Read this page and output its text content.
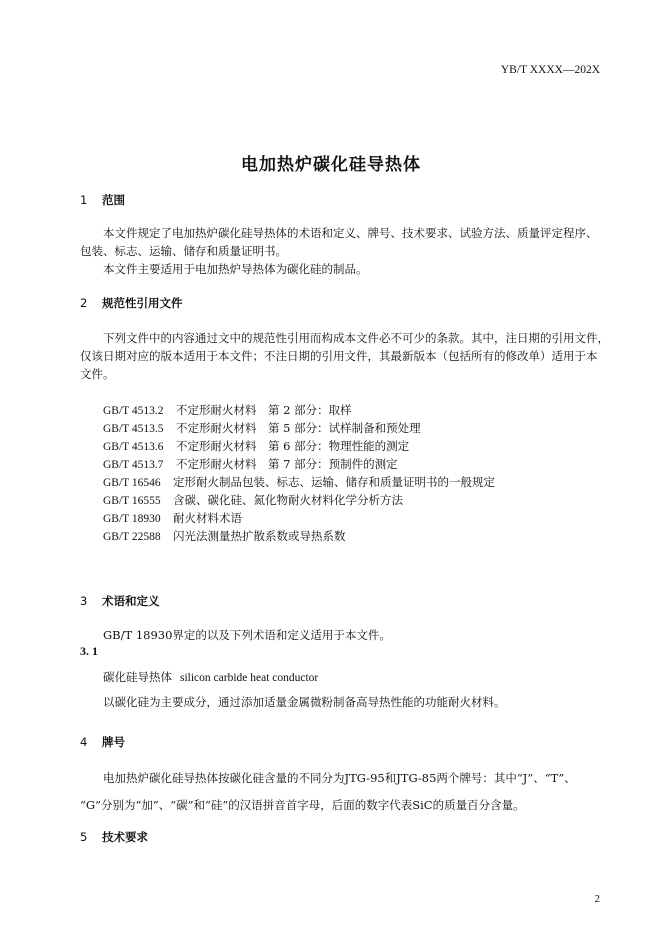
YB/T XXXX—202X
电加热炉碳化硅导热体
1 范围
本文件规定了电加热炉碳化硅导热体的术语和定义、牌号、技术要求、试验方法、质量评定程序、
包装、标志、运输、储存和质量证明书。
本文件主要适用于电加热炉导热体为碳化硅的制品。
2 规范性引用文件
下列文件中的内容通过文中的规范性引用而构成本文件必不可少的条款。其中，注日期的引用文件，
仅该日期对应的版本适用于本文件；不注日期的引用文件，其最新版本（包括所有的修改单）适用于本
文件。
GB/T 4513.2 不定形耐火材料　第 2 部分：取样
GB/T 4513.5 不定形耐火材料　第 5 部分：试样制备和预处理
GB/T 4513.6 不定形耐火材料　第 6 部分：物理性能的测定
GB/T 4513.7 不定形耐火材料　第 7 部分：预制件的测定
GB/T 16546 定形耐火制品包装、标志、运输、储存和质量证明书的一般规定
GB/T 16555 含碳、碳化硅、氮化物耐火材料化学分析方法
GB/T 18930 耐火材料术语
GB/T 22588 闪光法测量热扩散系数或导热系数
3 术语和定义
GB/T 18930界定的以及下列术语和定义适用于本文件。
3. 1
碳化硅导热体 silicon carbide heat conductor
以碳化硅为主要成分，通过添加适量金属微粉制备高导热性能的功能耐火材料。
4 牌号
电加热炉碳化硅导热体按碳化硅含量的不同分为JTG-95和JTG-85两个牌号：其中“J”、“T”、
“G”分别为“加”、“碳”和“硅”的汉语拼音首字母，后面的数字代表SiC的质量百分含量。
5 技术要求
2
